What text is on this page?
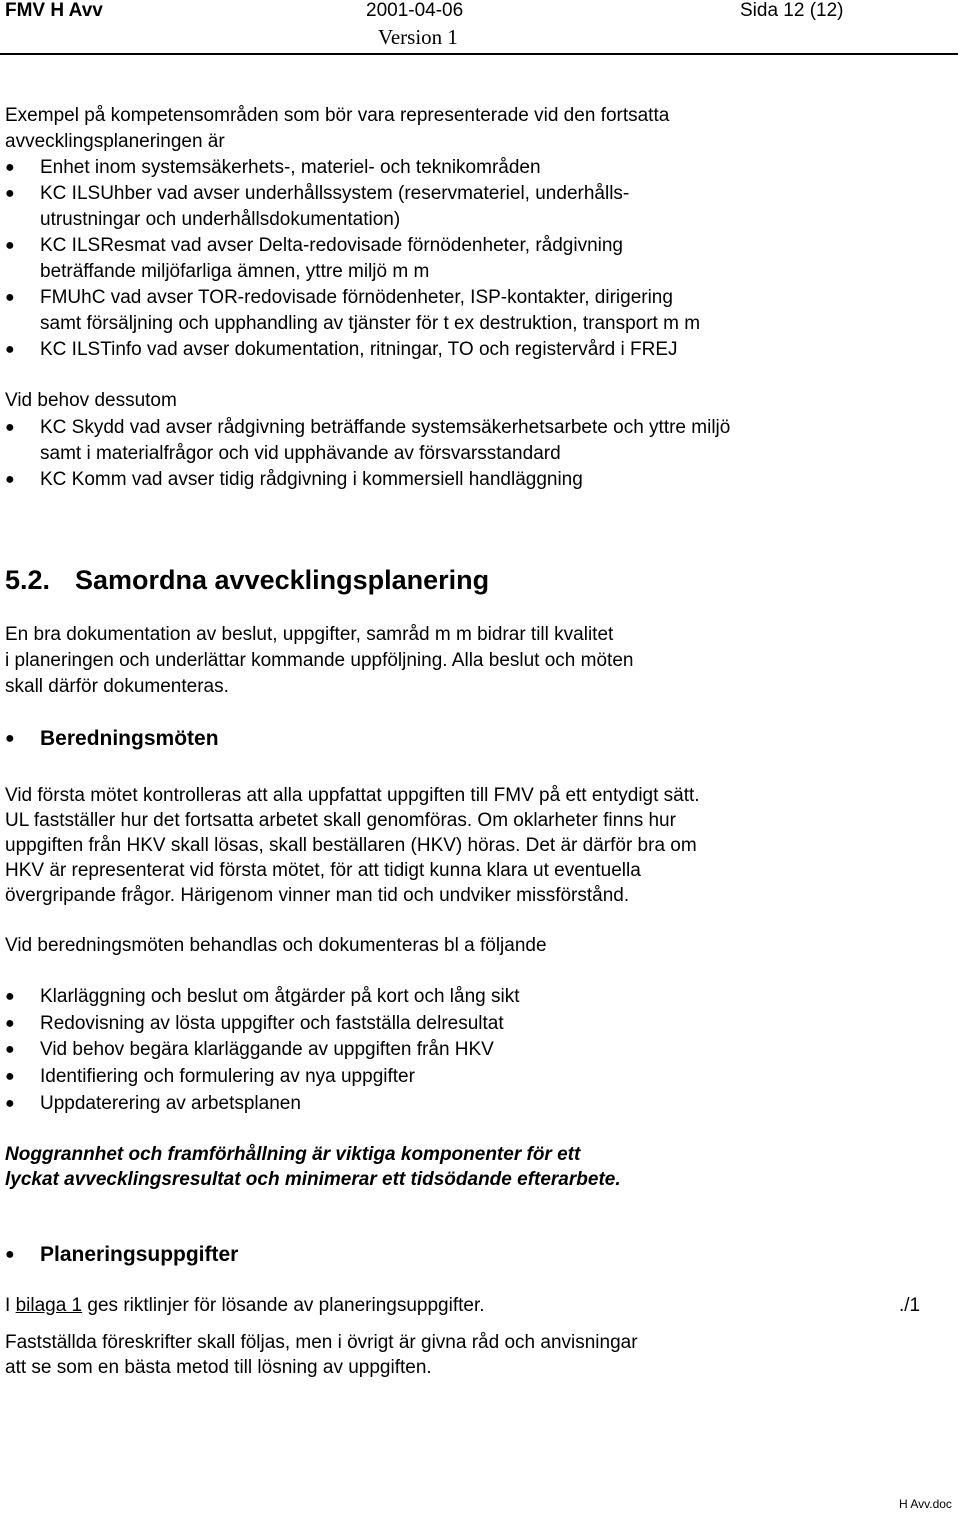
FMV H Avv	2001-04-06	Sida 12 (12)
Version 1
Exempel på kompetensområden som bör vara representerade vid den fortsatta
avvecklingsplaneringen är
● Enhet inom systemsäkerhets-, materiel- och teknikområden
● KC ILSUhber vad avser underhållssystem (reservmateriel, underhålls-
utrustningar och underhållsdokumentation)
● KC ILSResmat vad avser Delta-redovisade förnödenheter, rådgivning
beträffande miljöfarliga ämnen, yttre miljö m m
● FMUhC vad avser TOR-redovisade förnödenheter, ISP-kontakter, dirigering
samt försäljning och upphandling av tjänster för t ex destruktion, transport m m
● KC ILSTinfo vad avser dokumentation, ritningar, TO och registervård i FREJ
Vid behov dessutom
● KC Skydd vad avser rådgivning beträffande systemsäkerhetsarbete och yttre miljö
samt i materialfrågor och vid upphävande av försvarsstandard
● KC Komm vad avser tidig rådgivning i kommersiell handläggning
5.2. Samordna avvecklingsplanering
En bra dokumentation av beslut, uppgifter, samråd m m bidrar till kvalitet
i planeringen och underlättar kommande uppföljning. Alla beslut och möten
skall därför dokumenteras.
● Beredningsmöten
Vid första mötet kontrolleras att alla uppfattat uppgiften till FMV på ett entydigt sätt.
UL fastställer hur det fortsatta arbetet skall genomföras. Om oklarheter finns hur
uppgiften från HKV skall lösas, skall beställaren (HKV) höras. Det är därför bra om
HKV är representerat vid första mötet, för att tidigt kunna klara ut eventuella
övergripande frågor. Härigenom vinner man tid och undviker missförstånd.
Vid beredningsmöten behandlas och dokumenteras bl a följande
● Klarläggning och beslut om åtgärder på kort och lång sikt
● Redovisning av lösta uppgifter och fastställa delresultat
● Vid behov begära klarläggande av uppgiften från HKV
● Identifiering och formulering av nya uppgifter
● Uppdaterering av arbetsplanen
Noggrannhet och framförhållning är viktiga komponenter för ett
lyckat avvecklingsresultat och minimerar ett tidsödande efterarbete.
● Planeringsuppgifter
I bilaga 1 ges riktlinjer för lösande av planeringsuppgifter.	./1
Fastställda föreskrifter skall följas, men i övrigt är givna råd och anvisningar
att se som en bästa metod till lösning av uppgiften.
H Avv.doc
